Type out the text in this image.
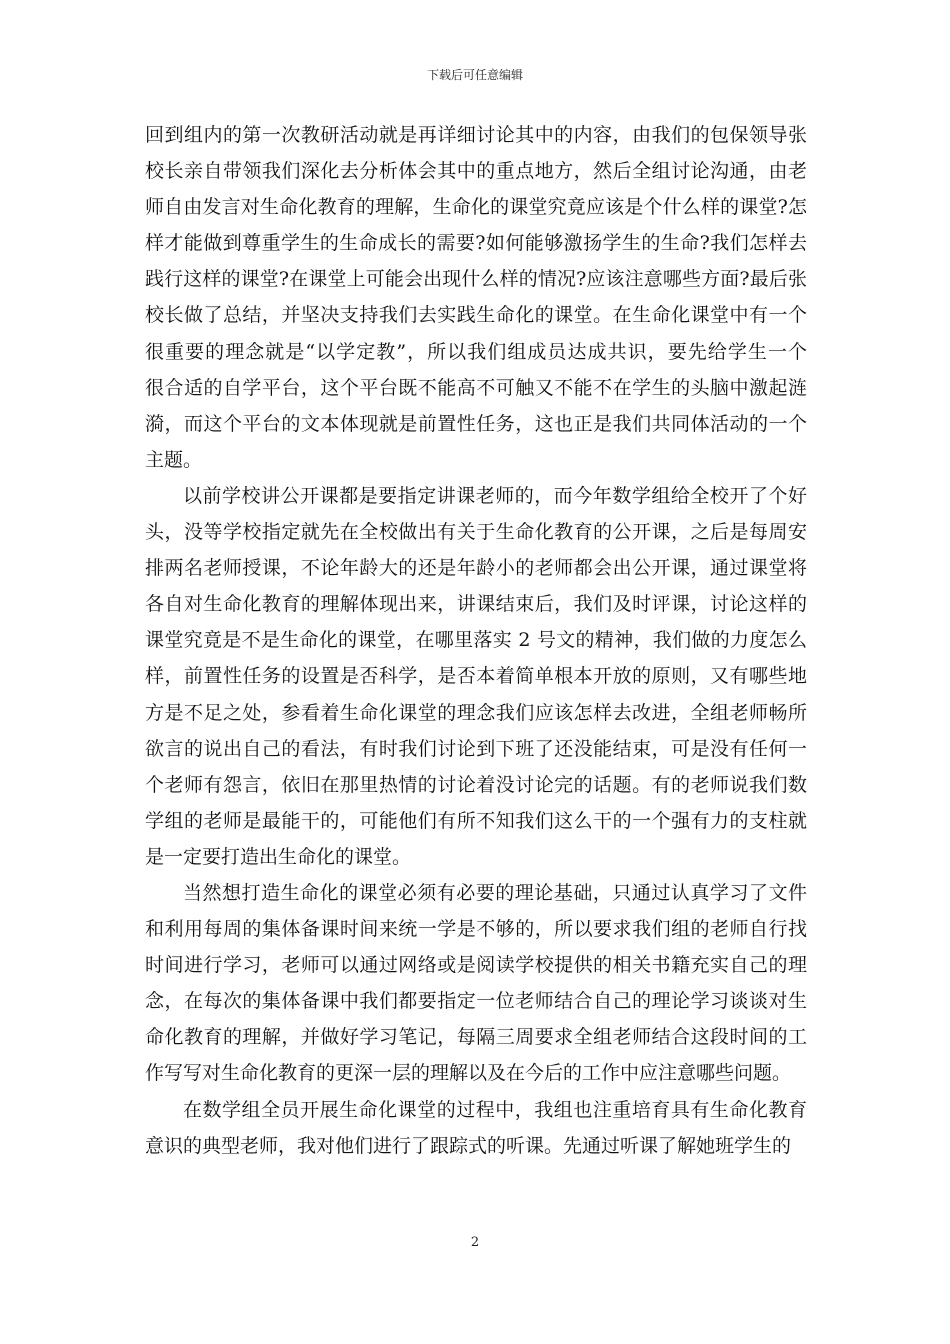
下载后可任意编辑
回到组内的第一次教研活动就是再详细讨论其中的内容，由我们的包保领导张
校长亲自带领我们深化去分析体会其中的重点地方，然后全组讨论沟通，由老
师自由发言对生命化教育的理解，生命化的课堂究竟应该是个什么样的课堂?怎
样才能做到尊重学生的生命成长的需要?如何能够激扬学生的生命?我们怎样去
践行这样的课堂?在课堂上可能会出现什么样的情况?应该注意哪些方面?最后张
校长做了总结，并坚决支持我们去实践生命化的课堂。在生命化课堂中有一个
很重要的理念就是“以学定教”，所以我们组成员达成共识，要先给学生一个
很合适的自学平台，这个平台既不能高不可触又不能不在学生的头脑中激起涟
漪，而这个平台的文本体现就是前置性任务，这也正是我们共同体活动的一个
主题。
以前学校讲公开课都是要指定讲课老师的，而今年数学组给全校开了个好
头，没等学校指定就先在全校做出有关于生命化教育的公开课，之后是每周安
排两名老师授课，不论年龄大的还是年龄小的老师都会出公开课，通过课堂将
各自对生命化教育的理解体现出来，讲课结束后，我们及时评课，讨论这样的
课堂究竟是不是生命化的课堂，在哪里落实 2 号文的精神，我们做的力度怎么
样，前置性任务的设置是否科学，是否本着简单根本开放的原则，又有哪些地
方是不足之处，参看着生命化课堂的理念我们应该怎样去改进，全组老师畅所
欲言的说出自己的看法，有时我们讨论到下班了还没能结束，可是没有任何一
个老师有怨言，依旧在那里热情的讨论着没讨论完的话题。有的老师说我们数
学组的老师是最能干的，可能他们有所不知我们这么干的一个强有力的支柱就
是一定要打造出生命化的课堂。
当然想打造生命化的课堂必须有必要的理论基础，只通过认真学习了文件
和利用每周的集体备课时间来统一学是不够的，所以要求我们组的老师自行找
时间进行学习，老师可以通过网络或是阅读学校提供的相关书籍充实自己的理
念，在每次的集体备课中我们都要指定一位老师结合自己的理论学习谈谈对生
命化教育的理解，并做好学习笔记，每隔三周要求全组老师结合这段时间的工
作写写对生命化教育的更深一层的理解以及在今后的工作中应注意哪些问题。
在数学组全员开展生命化课堂的过程中，我组也注重培育具有生命化教育
意识的典型老师，我对他们进行了跟踪式的听课。先通过听课了解她班学生的
2
